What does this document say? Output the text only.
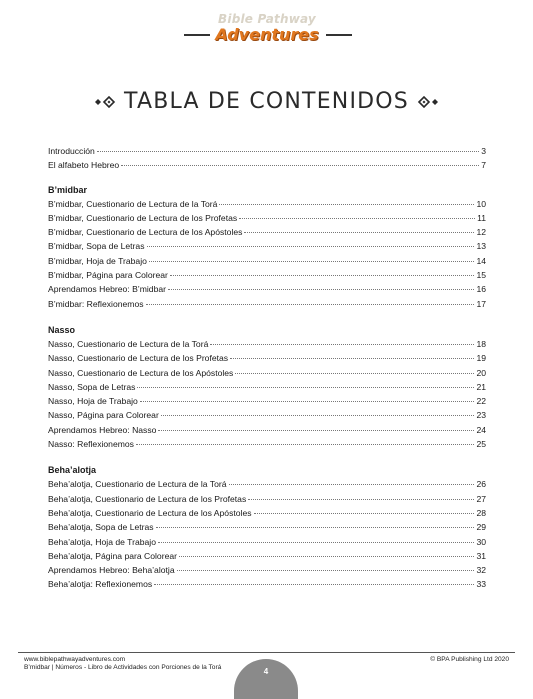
Bible Pathway
Adventures
TABLA DE CONTENIDOS
Introducción	3
El alfabeto Hebreo	7
B’midbar
B’midbar, Cuestionario de Lectura de la Torá	10
B’midbar, Cuestionario de Lectura de los Profetas	11
B’midbar, Cuestionario de Lectura de los Apóstoles	12
B’midbar, Sopa de Letras	13
B’midbar, Hoja de Trabajo	14
B’midbar, Página para Colorear	15
Aprendamos Hebreo: B’midbar	16
B’midbar: Reflexionemos	17
Nasso
Nasso, Cuestionario de Lectura de la Torá	18
Nasso, Cuestionario de Lectura de los Profetas	19
Nasso, Cuestionario de Lectura de los Apóstoles	20
Nasso, Sopa de Letras	21
Nasso, Hoja de Trabajo	22
Nasso, Página para Colorear	23
Aprendamos Hebreo: Nasso	24
Nasso: Reflexionemos	25
Beha’alotja
Beha’alotja, Cuestionario de Lectura de la Torá	26
Beha’alotja, Cuestionario de Lectura de los Profetas	27
Beha’alotja, Cuestionario de Lectura de los Apóstoles	28
Beha’alotja, Sopa de Letras	29
Beha’alotja, Hoja de Trabajo	30
Beha’alotja, Página para Colorear	31
Aprendamos Hebreo: Beha’alotja	32
Beha’alotja: Reflexionemos	33
www.biblepathwayadventures.com
B’midbar | Números - Libro de Actividades con Porciones de la Torá
© BPA Publishing Ltd 2020
4
